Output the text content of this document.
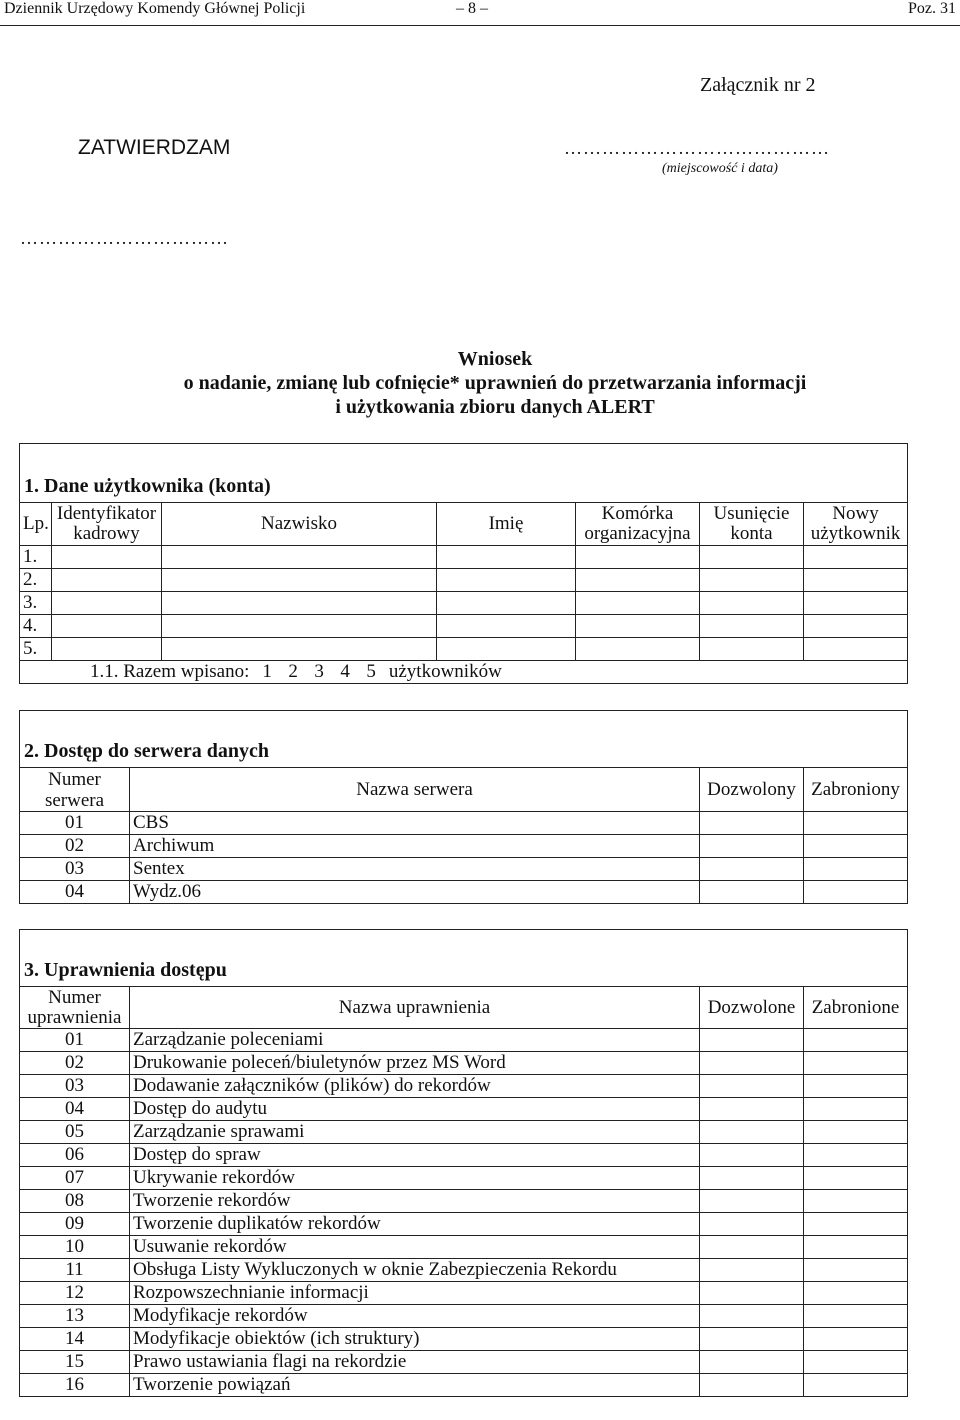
Dziennik Urzędowy Komendy Głównej Policji	– 8 –	Poz. 31
Załącznik nr 2
ZATWIERDZAM	……………………………………
(miejscowość i data)
……………………………
Wniosek
o nadanie, zmianę lub cofnięcie* uprawnień do przetwarzania informacji
i użytkowania zbioru danych ALERT
1. Dane użytkownika (konta)						
Lp.	Identyfikator kadrowy	Nazwisko	Imię	Komórka organizacyjna	Usunięcie konta	Nowy użytkownik
1.						
2.						
3.						
4.						
5.						
1.1. Razem wpisano: 1 2 3 4 5 użytkowników						
2. Dostęp do serwera danych			
Numer serwera	Nazwa serwera	Dozwolony	Zabroniony
01	CBS		
02	Archiwum		
03	Sentex		
04	Wydz.06		
3. Uprawnienia dostępu			
Numer uprawnienia	Nazwa uprawnienia	Dozwolone	Zabronione
01	Zarządzanie poleceniami		
02	Drukowanie poleceń/biuletynów przez MS Word		
03	Dodawanie załączników (plików) do rekordów		
04	Dostęp do audytu		
05	Zarządzanie sprawami		
06	Dostęp do spraw		
07	Ukrywanie rekordów		
08	Tworzenie rekordów		
09	Tworzenie duplikatów rekordów		
10	Usuwanie rekordów		
11	Obsługa Listy Wykluczonych w oknie Zabezpieczenia Rekordu		
12	Rozpowszechnianie informacji		
13	Modyfikacje rekordów		
14	Modyfikacje obiektów (ich struktury)		
15	Prawo ustawiania flagi na rekordzie		
16	Tworzenie powiązań		
